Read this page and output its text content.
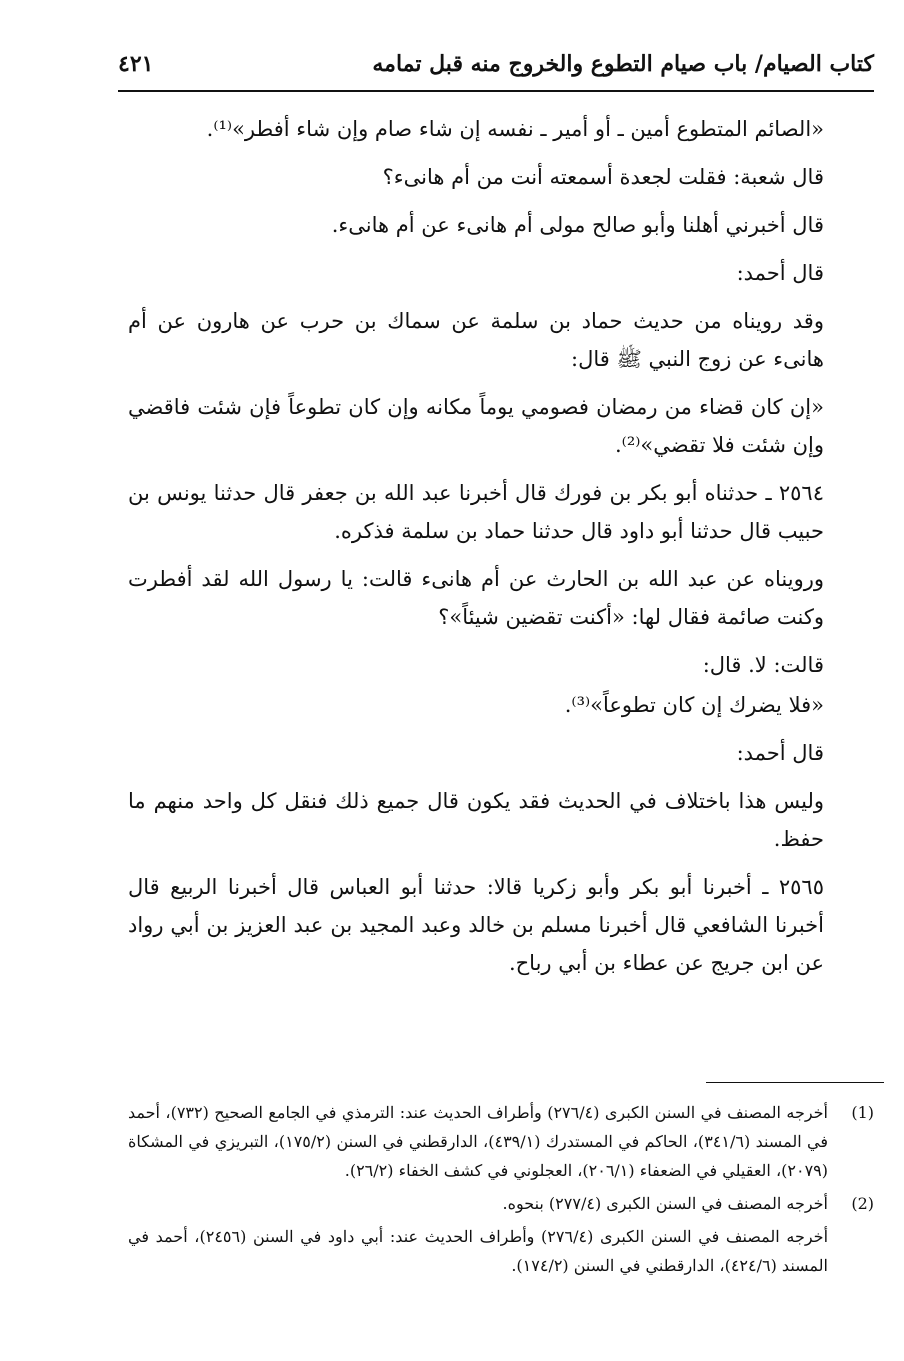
كتاب الصيام/ باب صيام التطوع والخروج منه قبل تمامه
٤٢١

«الصائم المتطوع أمين ـ أو أمير ـ نفسه إن شاء صام وإن شاء أفطر»⁽¹⁾.

قال شعبة: فقلت لجعدة أسمعته أنت من أم هانىء؟

قال أخبرني أهلنا وأبو صالح مولى أم هانىء عن أم هانىء.

قال أحمد:

وقد رويناه من حديث حماد بن سلمة عن سماك بن حرب عن هارون عن أم هانىء عن زوج النبي ﷺ قال:

«إن كان قضاء من رمضان فصومي يوماً مكانه وإن كان تطوعاً فإن شئت فاقضي وإن شئت فلا تقضي»⁽²⁾.

٢٥٦٤ ـ حدثناه أبو بكر بن فورك قال أخبرنا عبد الله بن جعفر قال حدثنا يونس بن حبيب قال حدثنا أبو داود قال حدثنا حماد بن سلمة فذكره.

ورويناه عن عبد الله بن الحارث عن أم هانىء قالت: يا رسول الله لقد أفطرت وكنت صائمة فقال لها: «أكنت تقضين شيئاً»؟

قالت: لا. قال:

«فلا يضرك إن كان تطوعاً»⁽³⁾.

قال أحمد:

وليس هذا باختلاف في الحديث فقد يكون قال جميع ذلك فنقل كل واحد منهم ما حفظ.

٢٥٦٥ ـ أخبرنا أبو بكر وأبو زكريا قالا: حدثنا أبو العباس قال أخبرنا الربيع قال أخبرنا الشافعي قال أخبرنا مسلم بن خالد وعبد المجيد بن عبد العزيز بن أبي رواد عن ابن جريج عن عطاء بن أبي رباح.

(1)
أخرجه المصنف في السنن الكبرى (٢٧٦/٤) وأطراف الحديث عند: الترمذي في الجامع الصحيح (٧٣٢)، أحمد في المسند (٣٤١/٦)، الحاكم في المستدرك (٤٣٩/١)، الدارقطني في السنن (١٧٥/٢)، التبريزي في المشكاة (٢٠٧٩)، العقيلي في الضعفاء (٢٠٦/١)، العجلوني في كشف الخفاء (٢٦/٢).
(2)
أخرجه المصنف في السنن الكبرى (٢٧٧/٤) بنحوه.
أخرجه المصنف في السنن الكبرى (٢٧٦/٤) وأطراف الحديث عند: أبي داود في السنن (٢٤٥٦)، أحمد في المسند (٤٢٤/٦)، الدارقطني في السنن (١٧٤/٢).
